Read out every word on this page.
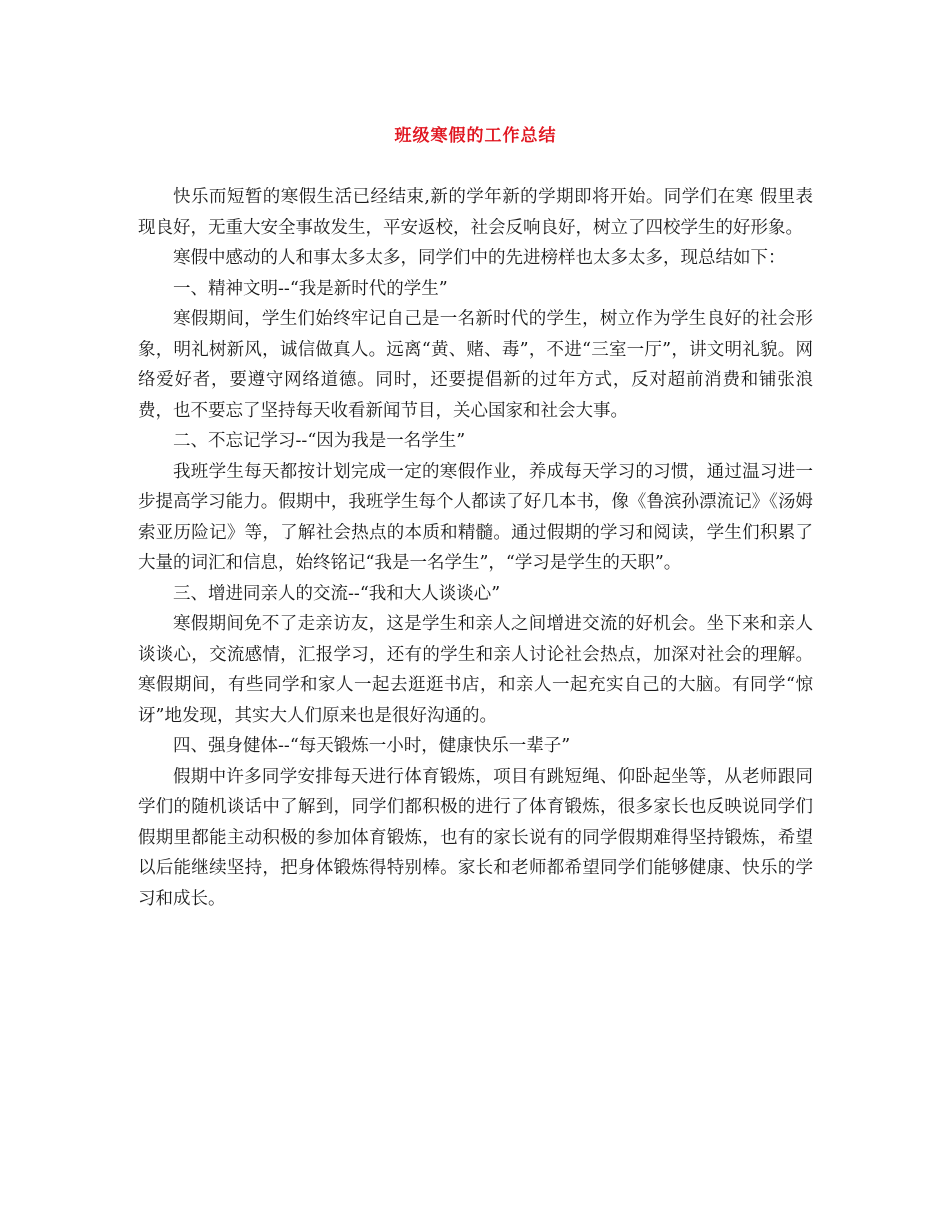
班级寒假的工作总结

快乐而短暂的寒假生活已经结束,新的学年新的学期即将开始。同学们在寒 假里表现良好，无重大安全事故发生，平安返校，社会反响良好，树立了四校学生的好形象。

寒假中感动的人和事太多太多，同学们中的先进榜样也太多太多，现总结如下：

一、精神文明--“我是新时代的学生”

寒假期间，学生们始终牢记自己是一名新时代的学生，树立作为学生良好的社会形象，明礼树新风，诚信做真人。远离“黄、赌、毒”，不进“三室一厅”，讲文明礼貌。网络爱好者，要遵守网络道德。同时，还要提倡新的过年方式，反对超前消费和铺张浪费，也不要忘了坚持每天收看新闻节目，关心国家和社会大事。

二、不忘记学习--“因为我是一名学生”

我班学生每天都按计划完成一定的寒假作业，养成每天学习的习惯，通过温习进一步提高学习能力。假期中，我班学生每个人都读了好几本书，像《鲁滨孙漂流记》《汤姆索亚历险记》等，了解社会热点的本质和精髓。通过假期的学习和阅读，学生们积累了大量的词汇和信息，始终铭记“我是一名学生”，“学习是学生的天职”。

三、增进同亲人的交流--“我和大人谈谈心”

寒假期间免不了走亲访友，这是学生和亲人之间增进交流的好机会。坐下来和亲人谈谈心，交流感情，汇报学习，还有的学生和亲人讨论社会热点，加深对社会的理解。寒假期间，有些同学和家人一起去逛逛书店，和亲人一起充实自己的大脑。有同学“惊讶”地发现，其实大人们原来也是很好沟通的。

四、强身健体--“每天锻炼一小时，健康快乐一辈子”

假期中许多同学安排每天进行体育锻炼，项目有跳短绳、仰卧起坐等，从老师跟同学们的随机谈话中了解到，同学们都积极的进行了体育锻炼，很多家长也反映说同学们假期里都能主动积极的参加体育锻炼，也有的家长说有的同学假期难得坚持锻炼，希望以后能继续坚持，把身体锻炼得特别棒。家长和老师都希望同学们能够健康、快乐的学习和成长。
